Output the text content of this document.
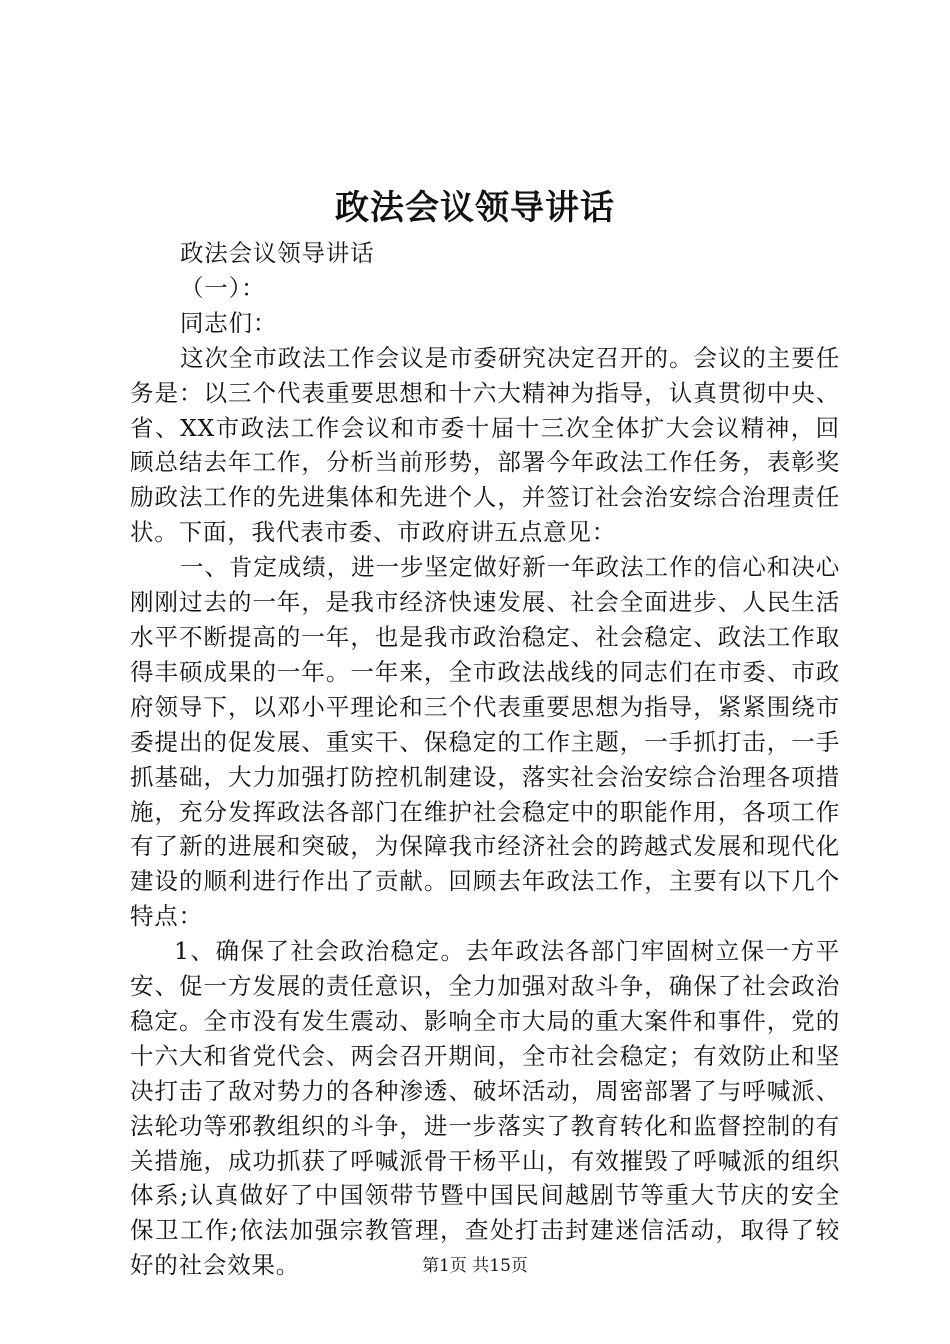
政法会议领导讲话

政法会议领导讲话

（一）：

同志们：

这次全市政法工作会议是市委研究决定召开的。会议的主要任务是：以三个代表重要思想和十六大精神为指导，认真贯彻中央、省、XX市政法工作会议和市委十届十三次全体扩大会议精神，回顾总结去年工作，分析当前形势，部署今年政法工作任务，表彰奖励政法工作的先进集体和先进个人，并签订社会治安综合治理责任状。下面，我代表市委、市政府讲五点意见：

一、肯定成绩，进一步坚定做好新一年政法工作的信心和决心刚刚过去的一年，是我市经济快速发展、社会全面进步、人民生活水平不断提高的一年，也是我市政治稳定、社会稳定、政法工作取得丰硕成果的一年。一年来，全市政法战线的同志们在市委、市政府领导下，以邓小平理论和三个代表重要思想为指导，紧紧围绕市委提出的促发展、重实干、保稳定的工作主题，一手抓打击，一手抓基础，大力加强打防控机制建设，落实社会治安综合治理各项措施，充分发挥政法各部门在维护社会稳定中的职能作用，各项工作有了新的进展和突破，为保障我市经济社会的跨越式发展和现代化建设的顺利进行作出了贡献。回顾去年政法工作，主要有以下几个特点：

1、确保了社会政治稳定。去年政法各部门牢固树立保一方平安、促一方发展的责任意识，全力加强对敌斗争，确保了社会政治稳定。全市没有发生震动、影响全市大局的重大案件和事件，党的十六大和省党代会、两会召开期间，全市社会稳定；有效防止和坚决打击了敌对势力的各种渗透、破坏活动，周密部署了与呼喊派、法轮功等邪教组织的斗争，进一步落实了教育转化和监督控制的有关措施，成功抓获了呼喊派骨干杨平山，有效摧毁了呼喊派的组织体系;认真做好了中国领带节暨中国民间越剧节等重大节庆的安全保卫工作;依法加强宗教管理，查处打击封建迷信活动，取得了较好的社会效果。	第1页 共15页
